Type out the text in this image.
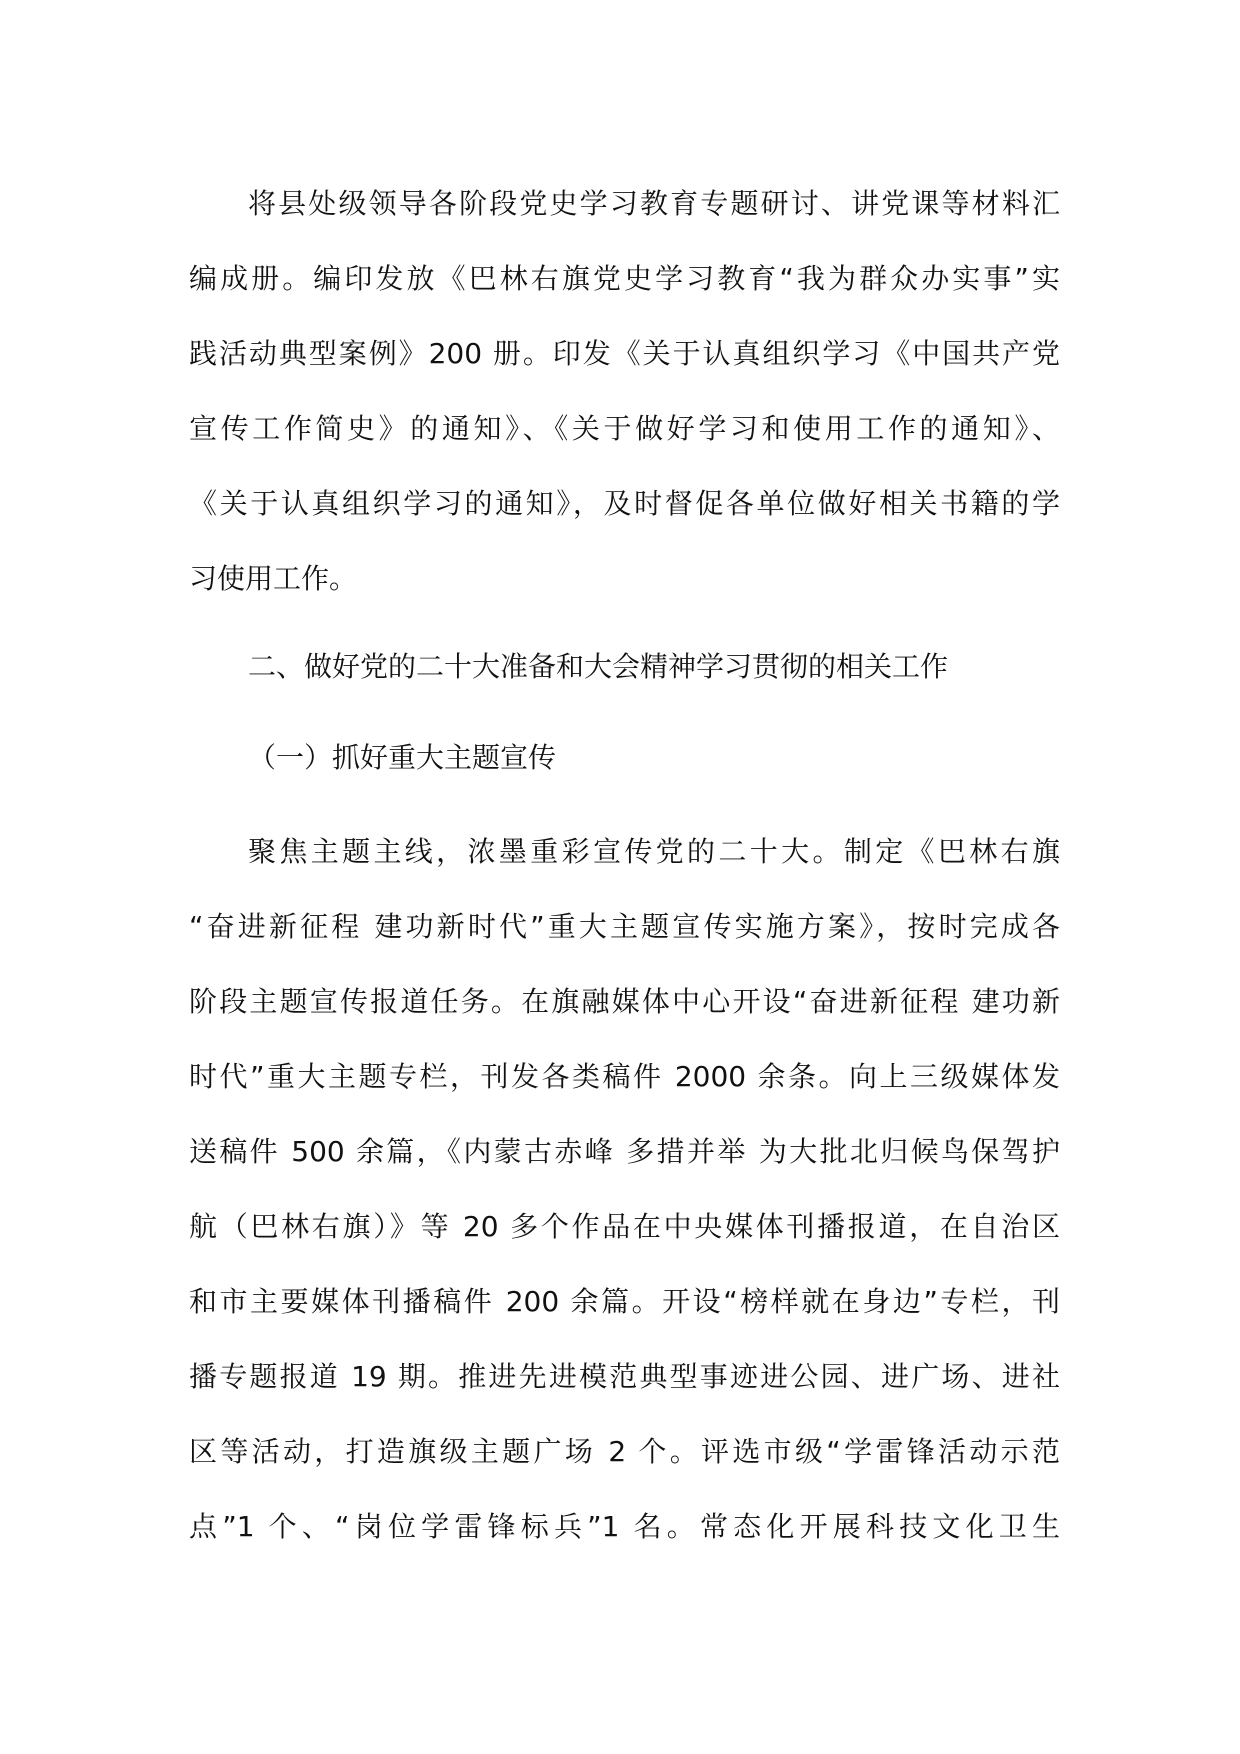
将县处级领导各阶段党史学习教育专题研讨、讲党课等材料汇
编成册。编印发放《巴林右旗党史学习教育“我为群众办实事”实
践活动典型案例》200 册。印发《关于认真组织学习《中国共产党
宣传工作简史》的通知》、《关于做好学习和使用工作的通知》、
《关于认真组织学习的通知》，及时督促各单位做好相关书籍的学
习使用工作。
二、做好党的二十大准备和大会精神学习贯彻的相关工作
（一）抓好重大主题宣传
聚焦主题主线，浓墨重彩宣传党的二十大。制定《巴林右旗
“奋进新征程 建功新时代”重大主题宣传实施方案》，按时完成各
阶段主题宣传报道任务。在旗融媒体中心开设“奋进新征程 建功新
时代”重大主题专栏，刊发各类稿件 2000 余条。向上三级媒体发
送稿件 500 余篇，《内蒙古赤峰 多措并举 为大批北归候鸟保驾护
航（巴林右旗）》等 20 多个作品在中央媒体刊播报道，在自治区
和市主要媒体刊播稿件 200 余篇。开设“榜样就在身边”专栏，刊
播专题报道 19 期。推进先进模范典型事迹进公园、进广场、进社
区等活动，打造旗级主题广场 2 个。评选市级“学雷锋活动示范
点”1 个、“岗位学雷锋标兵”1 名。常态化开展科技文化卫生
